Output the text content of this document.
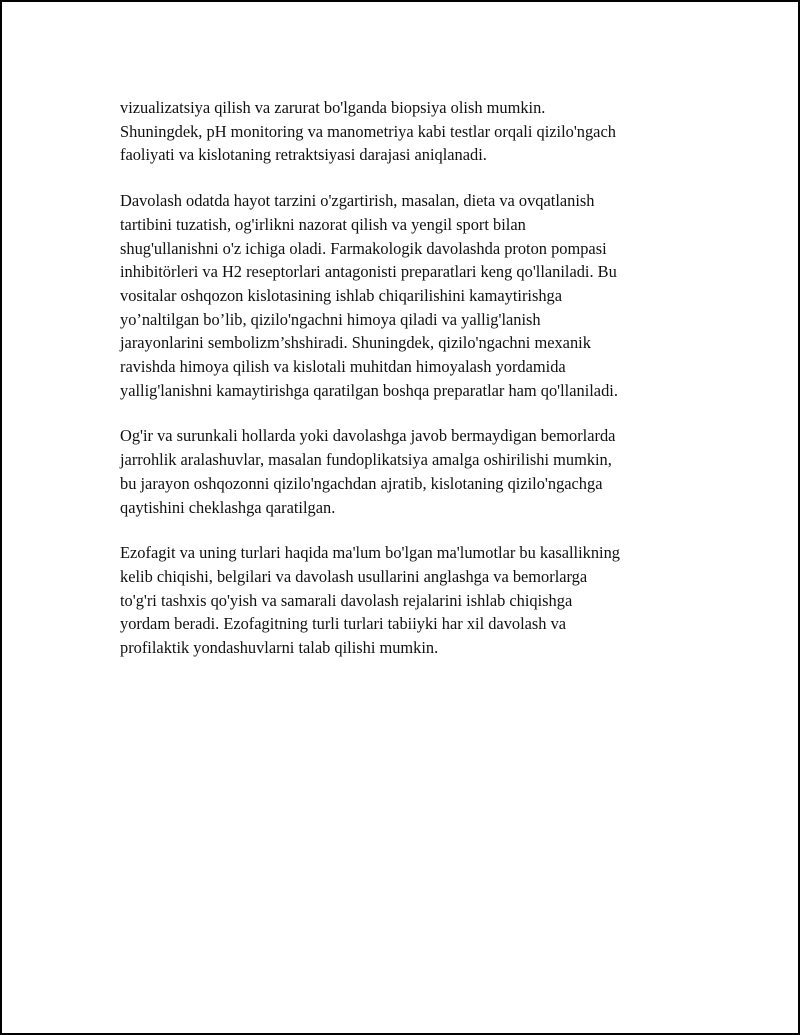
vizualizatsiya qilish va zarurat bo'lganda biopsiya olish mumkin.
Shuningdek, pH monitoring va manometriya kabi testlar orqali qizilo'ngach
faoliyati va kislotaning retraktsiyasi darajasi aniqlanadi.

Davolash odatda hayot tarzini o'zgartirish, masalan, dieta va ovqatlanish
tartibini tuzatish, og'irlikni nazorat qilish va yengil sport bilan
shug'ullanishni o'z ichiga oladi. Farmakologik davolashda proton pompasi
inhibitörleri va H2 reseptorlari antagonisti preparatlari keng qo'llaniladi. Bu
vositalar oshqozon kislotasining ishlab chiqarilishini kamaytirishga
yo’naltilgan bo’lib, qizilo'ngachni himoya qiladi va yallig'lanish
jarayonlarini sembolizm’shshiradi. Shuningdek, qizilo'ngachni mexanik
ravishda himoya qilish va kislotali muhitdan himoyalash yordamida
yallig'lanishni kamaytirishga qaratilgan boshqa preparatlar ham qo'llaniladi.

Og'ir va surunkali hollarda yoki davolashga javob bermaydigan bemorlarda
jarrohlik aralashuvlar, masalan fundoplikatsiya amalga oshirilishi mumkin,
bu jarayon oshqozonni qizilo'ngachdan ajratib, kislotaning qizilo'ngachga
qaytishini cheklashga qaratilgan.

Ezofagit va uning turlari haqida ma'lum bo'lgan ma'lumotlar bu kasallikning
kelib chiqishi, belgilari va davolash usullarini anglashga va bemorlarga
to'g'ri tashxis qo'yish va samarali davolash rejalarini ishlab chiqishga
yordam beradi. Ezofagitning turli turlari tabiiyki har xil davolash va
profilaktik yondashuvlarni talab qilishi mumkin.
